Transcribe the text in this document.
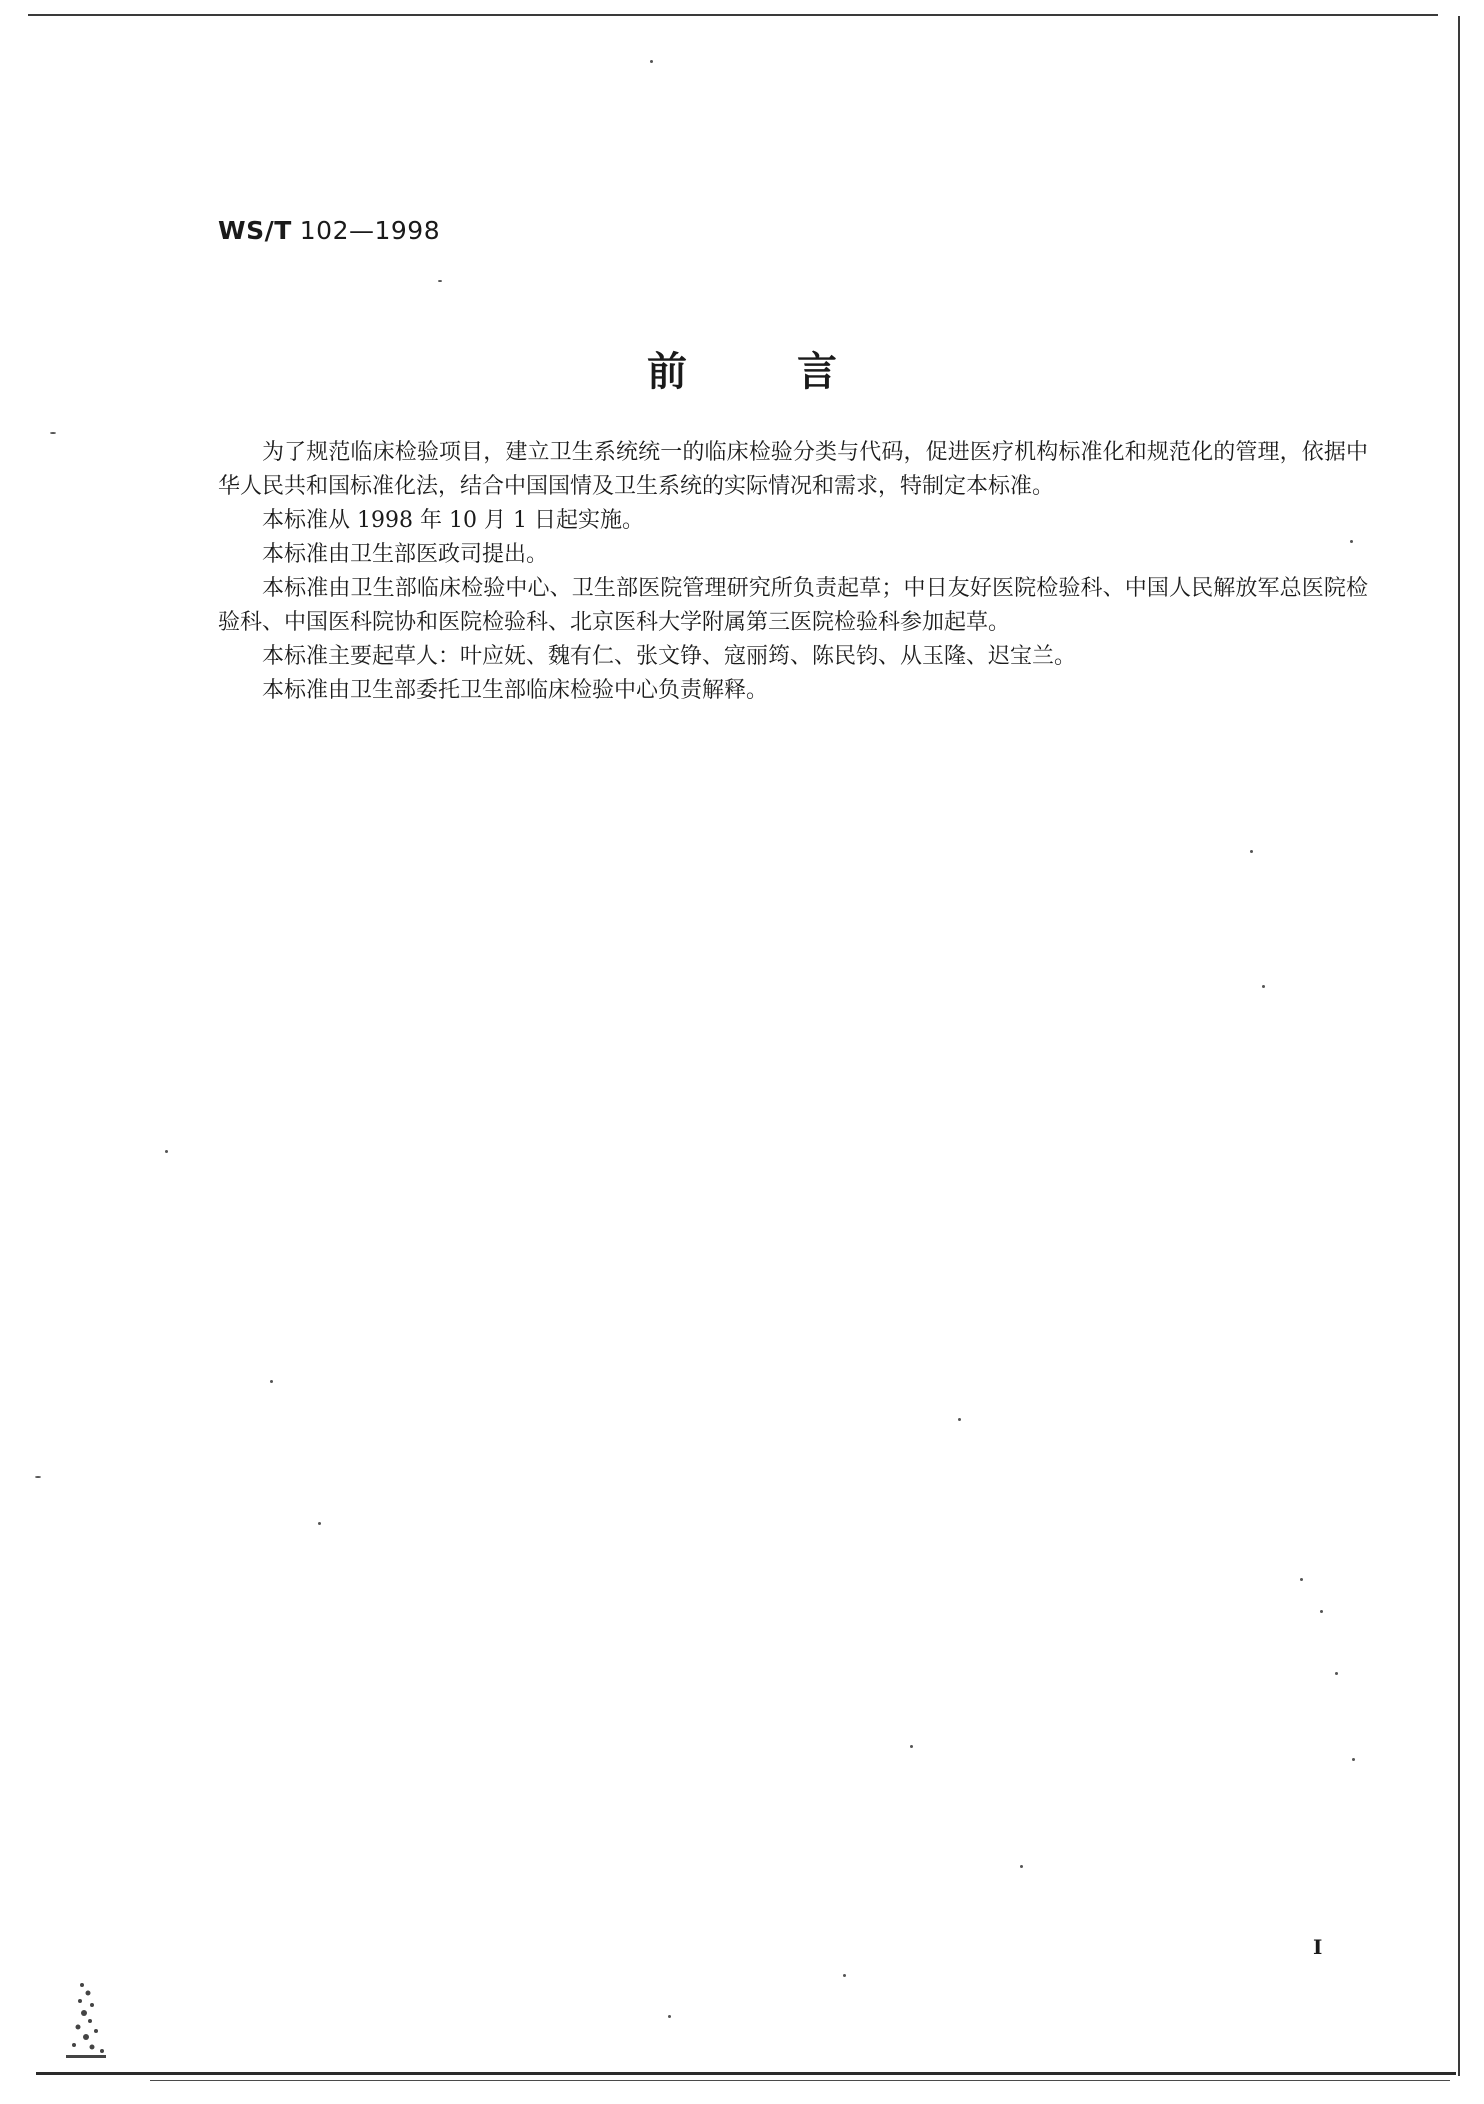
WS/T 102—1998
前言

为了规范临床检验项目，建立卫生系统统一的临床检验分类与代码，促进医疗机构标准化和规范化的管理，依据中华人民共和国标准化法，结合中国国情及卫生系统的实际情况和需求，特制定本标准。

本标准从 1998 年 10 月 1 日起实施。

本标准由卫生部医政司提出。

本标准由卫生部临床检验中心、卫生部医院管理研究所负责起草；中日友好医院检验科、中国人民解放军总医院检验科、中国医科院协和医院检验科、北京医科大学附属第三医院检验科参加起草。

本标准主要起草人：叶应妩、魏有仁、张文铮、寇丽筠、陈民钧、从玉隆、迟宝兰。

本标准由卫生部委托卫生部临床检验中心负责解释。

I
